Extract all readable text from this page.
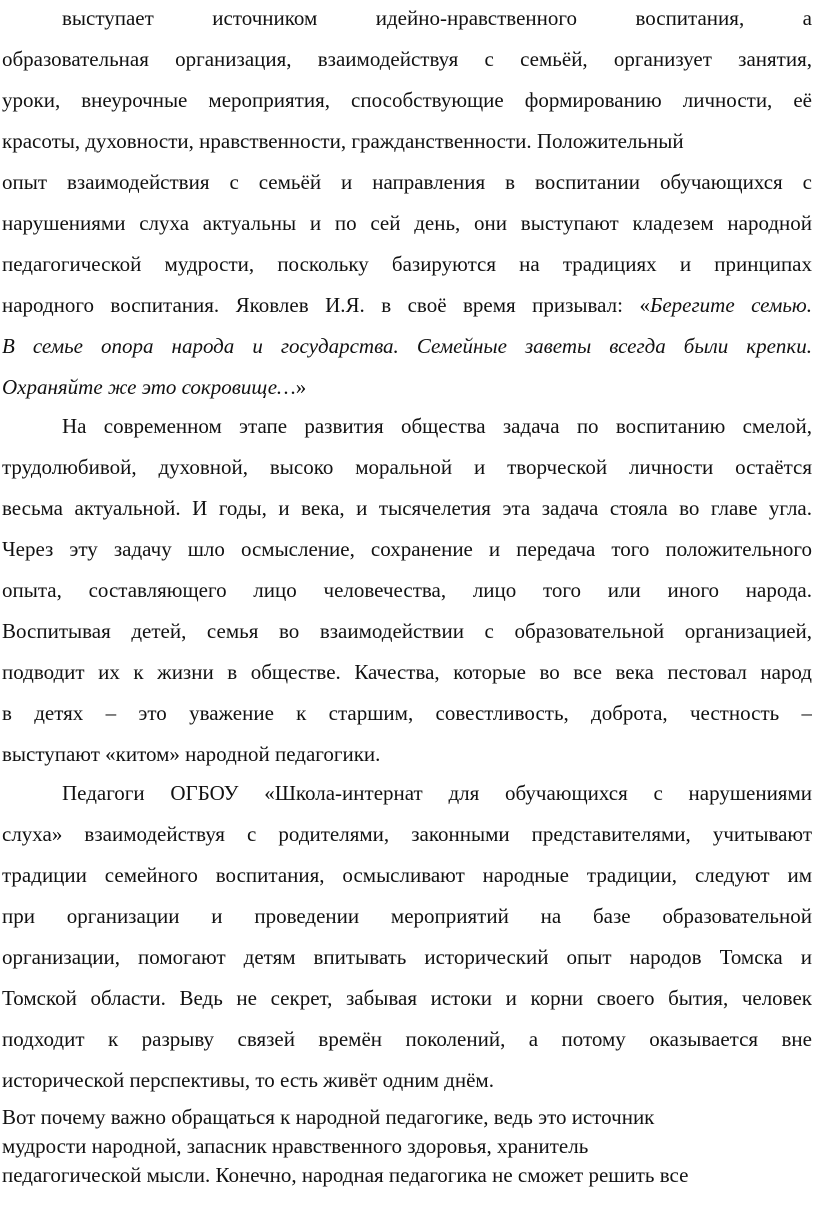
выступает источником идейно-нравственного воспитания, а
образовательная организация, взаимодействуя с семьёй, организует занятия,
уроки, внеурочные мероприятия, способствующие формированию личности, её
красоты, духовности, нравственности, гражданственности. Положительный
опыт взаимодействия с семьёй и направления в воспитании обучающихся с
нарушениями слуха актуальны и по сей день, они выступают кладезем народной
педагогической мудрости, поскольку базируются на традициях и принципах
народного воспитания. Яковлев И.Я. в своё время призывал: «Берегите семью.
В семье опора народа и государства. Семейные заветы всегда были крепки.
Охраняйте же это сокровище…»
На современном этапе развития общества задача по воспитанию смелой,
трудолюбивой, духовной, высоко моральной и творческой личности остаётся
весьма актуальной. И годы, и века, и тысячелетия эта задача стояла во главе угла.
Через эту задачу шло осмысление, сохранение и передача того положительного
опыта, составляющего лицо человечества, лицо того или иного народа.
Воспитывая детей, семья во взаимодействии с образовательной организацией,
подводит их к жизни в обществе. Качества, которые во все века пестовал народ
в детях – это уважение к старшим, совестливость, доброта, честность –
выступают «китом» народной педагогики.
Педагоги ОГБОУ «Школа-интернат для обучающихся с нарушениями
слуха» взаимодействуя с родителями, законными представителями, учитывают
традиции семейного воспитания, осмысливают народные традиции, следуют им
при организации и проведении мероприятий на базе образовательной
организации, помогают детям впитывать исторический опыт народов Томска и
Томской области. Ведь не секрет, забывая истоки и корни своего бытия, человек
подходит к разрыву связей времён поколений, а потому оказывается вне
исторической перспективы, то есть живёт одним днём.
Вот почему важно обращаться к народной педагогике, ведь это источник
мудрости народной, запасник нравственного здоровья, хранитель
педагогической мысли. Конечно, народная педагогика не сможет решить все
